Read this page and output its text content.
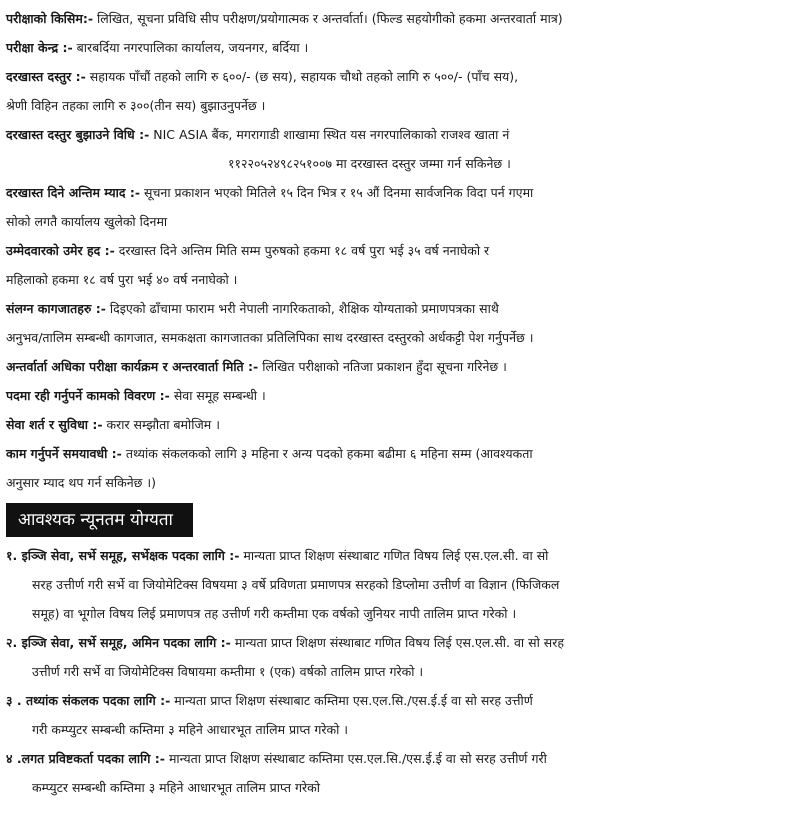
परीक्षाको किसिम:- लिखित, सूचना प्रविधि सीप परीक्षण/प्रयोगात्मक र अन्तर्वार्ता। (फिल्ड सहयोगीको हकमा अन्तरवार्ता मात्र)
परीक्षा केन्द्र :- बारबर्दिया नगरपालिका कार्यालय, जयनगर, बर्दिया ।
दरखास्त दस्तुर :- सहायक पाँचौं तहको लागि रु ६००/- (छ सय), सहायक चौथो तहको लागि रु ५००/- (पाँच सय),
श्रेणी विहिन तहका लागि रु ३००(तीन सय) बुझाउनुपर्नेछ ।
दरखास्त दस्तुर बुझाउने विधि :- NIC ASIA बैंक, मगरागाडी शाखामा स्थित यस नगरपालिकाको राजश्व खाता नं
११२२०५२४९८२५१००७ मा दरखास्त दस्तुर जम्मा गर्न सकिनेछ ।
दरखास्त दिने अन्तिम म्याद :- सूचना प्रकाशन भएको मितिले १५ दिन भित्र र १५ औं दिनमा सार्वजनिक विदा पर्न गएमा
सोको लगतै कार्यालय खुलेको दिनमा
उम्मेदवारको उमेर हद :- दरखास्त दिने अन्तिम मिति सम्म पुरुषको हकमा १८ वर्ष पुरा भई ३५ वर्ष ननाघेको र
महिलाको हकमा १८ वर्ष पुरा भई ४० वर्ष ननाघेको ।
संलग्न कागजातहरु :- दिइएको ढाँचामा फाराम भरी नेपाली नागरिकताको, शैक्षिक योग्यताको प्रमाणपत्रका साथै
अनुभव/तालिम सम्बन्धी कागजात, समकक्षता कागजातका प्रतिलिपिका साथ दरखास्त दस्तुरको अर्धकट्टी पेश गर्नुपर्नेछ ।
अन्तर्वार्ता अधिका परीक्षा कार्यक्रम र अन्तरवार्ता मिति :- लिखित परीक्षाको नतिजा प्रकाशन हुँदा सूचना गरिनेछ ।
पदमा रही गर्नुपर्ने कामको विवरण :- सेवा समूह सम्बन्धी ।
सेवा शर्त र सुविधा :- करार सम्झौता बमोजिम ।
काम गर्नुपर्ने समयावधी :- तथ्यांक संकलकको लागि ३ महिना र अन्य पदको हकमा बढीमा ६ महिना सम्म (आवश्यकता
अनुसार म्याद थप गर्न सकिनेछ ।)
आवश्यक न्यूनतम योग्यता
१. इञ्जि सेवा, सर्भे समूह, सर्भेक्षक पदका लागि :- मान्यता प्राप्त शिक्षण संस्थाबाट गणित विषय लिई एस.एल.सी. वा सो
सरह उत्तीर्ण गरी सर्भे वा जियोमेटिक्स विषयमा ३ वर्षे प्रविणता प्रमाणपत्र सरहको डिप्लोमा उत्तीर्ण वा विज्ञान (फिजिकल
समूह) वा भूगोल विषय लिई प्रमाणपत्र तह उत्तीर्ण गरी कम्तीमा एक वर्षको जुनियर नापी तालिम प्राप्त गरेको ।
२. इञ्जि सेवा, सर्भे समूह, अमिन पदका लागि :- मान्यता प्राप्त शिक्षण संस्थाबाट गणित विषय लिई एस.एल.सी. वा सो सरह
उत्तीर्ण गरी सर्भे वा जियोमेटिक्स विषायमा कम्तीमा १ (एक) वर्षको तालिम प्राप्त गरेको ।
३ . तथ्यांक संकलक पदका लागि :- मान्यता प्राप्त शिक्षण संस्थाबाट कम्तिमा एस.एल.सि./एस.ई.ई वा सो सरह उत्तीर्ण
गरी कम्प्युटर सम्बन्धी कम्तिमा ३ महिने आधारभूत तालिम प्राप्त गरेको ।
४ .लगत प्रविष्टकर्ता पदका लागि :- मान्यता प्राप्त शिक्षण संस्थाबाट कम्तिमा एस.एल.सि./एस.ई.ई वा सो सरह उत्तीर्ण गरी
कम्प्युटर सम्बन्धी कम्तिमा ३ महिने आधारभूत तालिम प्राप्त गरेको
